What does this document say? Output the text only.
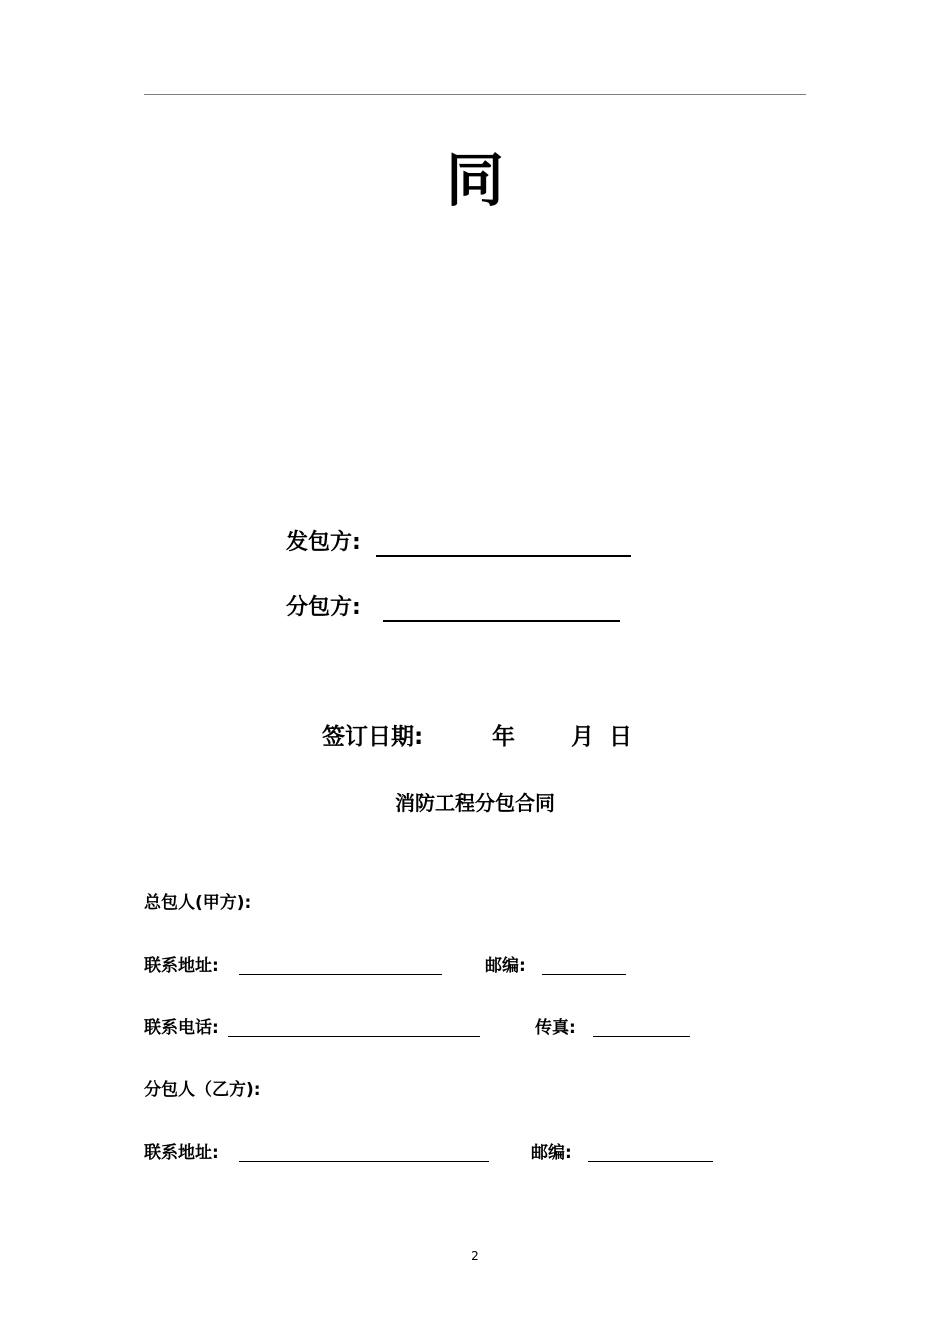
同
发包方:
分包方:
签订日期:	年 月 日
消防工程分包合同
总包人(甲方):
联系地址:	邮编:
联系电话:	传真:
分包人（乙方):
联系地址:	邮编:
2
